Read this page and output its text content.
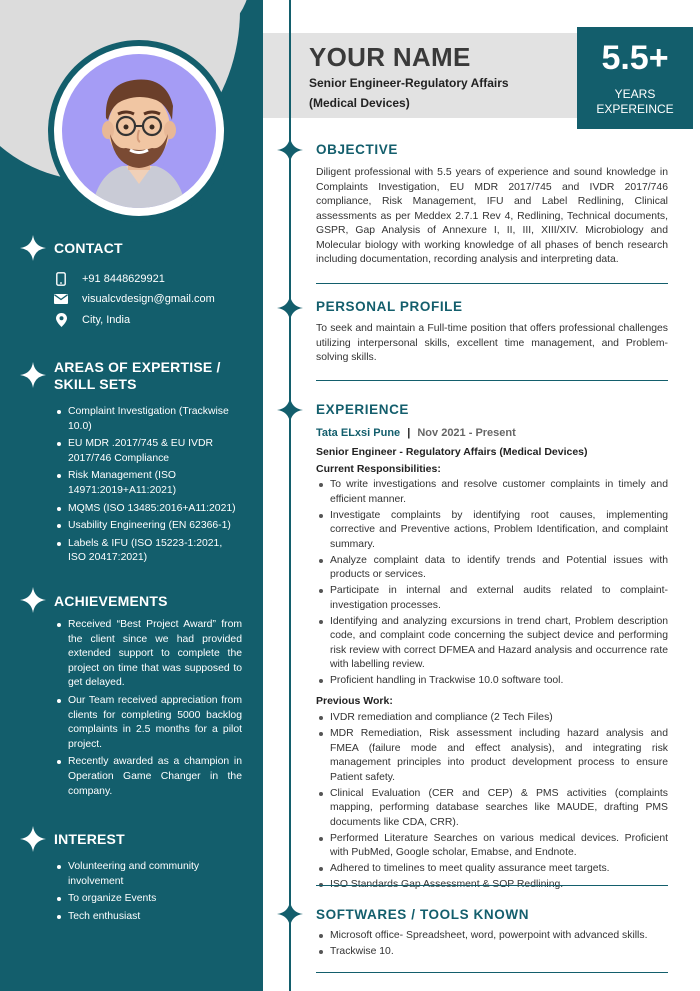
CONTACT
+91 8448629921
visualcvdesign@gmail.com
City, India
AREAS OF EXPERTISE /
SKILL SETS
Complaint Investigation (Trackwise 10.0)
EU MDR .2017/745 & EU IVDR 2017/746 Compliance
Risk Management (ISO 14971:2019+A11:2021)
MQMS (ISO 13485:2016+A11:2021)
Usability Engineering (EN 62366-1)
Labels & IFU (ISO 15223-1:2021, ISO 20417:2021)
ACHIEVEMENTS
Received “Best Project Award” from the client since we had provided extended support to complete the project on time that was supposed to get delayed.
Our Team received appreciation from clients for completing 5000 backlog complaints in 2.5 months for a pilot project.
Recently awarded as a champion in Operation Game Changer in the company.
INTEREST
Volunteering and community involvement
To organize Events
Tech enthusiast
YOUR NAME
Senior Engineer-Regulatory Affairs
(Medical Devices)
5.5+
YEARS
EXPEREINCE
OBJECTIVE
Diligent professional with 5.5 years of experience and sound knowledge in Complaints Investigation, EU MDR 2017/745 and IVDR 2017/746 compliance, Risk Management, IFU and Label Redlining, Clinical assessments as per Meddex 2.7.1 Rev 4, Redlining, Technical documents, GSPR, Gap Analysis of Annexure I, II, III, XIII/XIV. Microbiology and Molecular biology with working knowledge of all phases of bench research including documentation, recording analysis and interpreting data.
PERSONAL PROFILE
To seek and maintain a Full-time position that offers professional challenges utilizing interpersonal skills, excellent time management, and Problem-solving skills.
EXPERIENCE
Tata ELxsi Pune | Nov 2021 - Present
Senior Engineer - Regulatory Affairs (Medical Devices)
Current Responsibilities:
To write investigations and resolve customer complaints in timely and efficient manner.
Investigate complaints by identifying root causes, implementing corrective and Preventive actions, Problem Identification, and complaint summary.
Analyze complaint data to identify trends and Potential issues with products or services.
Participate in internal and external audits related to complaint-investigation processes.
Identifying and analyzing excursions in trend chart, Problem description code, and complaint code concerning the subject device and performing risk review with correct DFMEA and Hazard analysis and occurrence rate with labelling review.
Proficient handling in Trackwise 10.0 software tool.
Previous Work:
IVDR remediation and compliance (2 Tech Files)
MDR Remediation, Risk assessment including hazard analysis and FMEA (failure mode and effect analysis), and integrating risk management principles into product development process to ensure Patient safety.
Clinical Evaluation (CER and CEP) & PMS activities (complaints mapping, performing database searches like MAUDE, drafting PMS documents like CDA, CRR).
Performed Literature Searches on various medical devices. Proficient with PubMed, Google scholar, Emabse, and Endnote.
Adhered to timelines to meet quality assurance meet targets.
SOFTWARES / TOOLS KNOWN
Microsoft office- Spreadsheet, word, powerpoint with advanced skills.
Trackwise 10.
